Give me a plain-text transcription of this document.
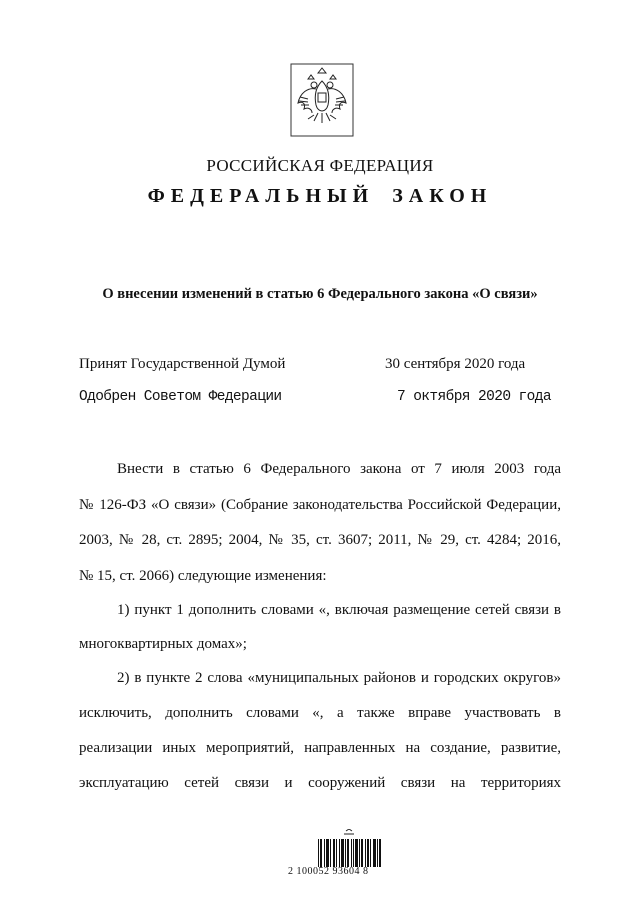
РОССИЙСКАЯ ФЕДЕРАЦИЯ
ФЕДЕРАЛЬНЫЙ ЗАКОН
О внесении изменений в статью 6 Федерального закона «О связи»
Принят Государственной Думой	30 сентября 2020 года
Одобрен Советом Федерации	7 октября 2020 года
Внести в статью 6 Федерального закона от 7 июля 2003 года
№ 126-ФЗ «О связи» (Собрание законодательства Российской Федерации,
2003, № 28, ст. 2895; 2004, № 35, ст. 3607; 2011, № 29, ст. 4284; 2016,
№ 15, ст. 2066) следующие изменения:
1) пункт 1 дополнить словами «, включая размещение сетей связи в
многоквартирных домах»;
2) в пункте 2 слова «муниципальных районов и городских округов»
исключить, дополнить словами «, а также вправе участвовать в
реализации иных мероприятий, направленных на создание, развитие,
эксплуатацию сетей связи и сооружений связи на территориях
2 100052 93604 8
